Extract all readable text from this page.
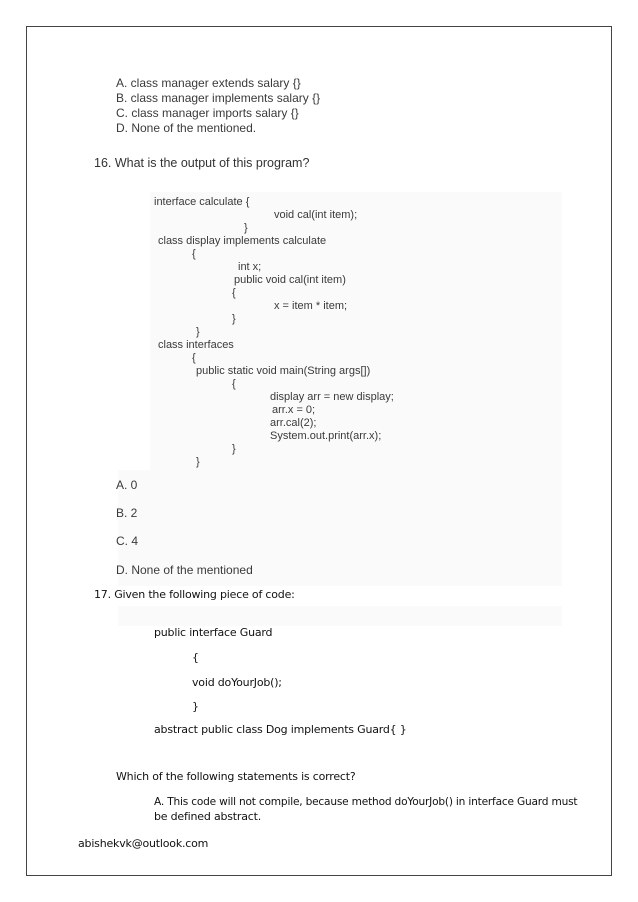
A. class manager extends salary {}
B. class manager implements salary {}
C. class manager imports salary {}
D. None of the mentioned.
16. What is the output of this program?
interface calculate {
void cal(int item);
}
class display implements calculate
{
int x;
public void cal(int item)
{
x = item * item;
}
}
class interfaces
{
public static void main(String args[])
{
display arr = new display;
arr.x = 0;
arr.cal(2);
System.out.print(arr.x);
}
}
A. 0
B. 2
C. 4
D. None of the mentioned
17. Given the following piece of code:
public interface Guard
{
void doYourJob();
}
abstract public class Dog implements Guard{ }
Which of the following statements is correct?
A. This code will not compile, because method doYourJob() in interface Guard must
be defined abstract.
abishekvk@outlook.com
